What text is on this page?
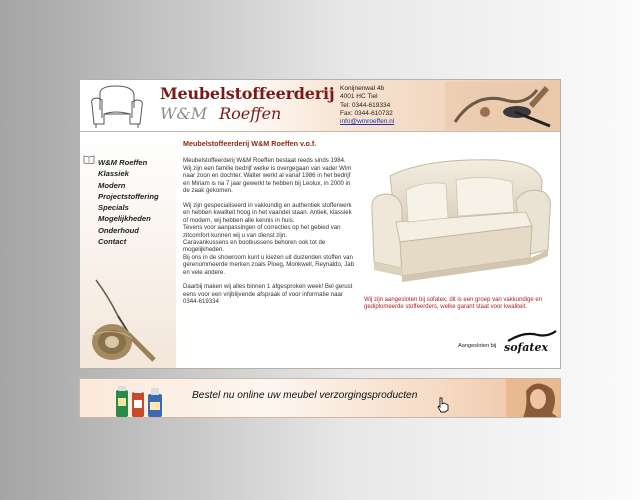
Meubelstoffeerderij
W&M Roeffen
Konijnenwal 4b
4001 HC Tiel
Tel: 0344-619334
Fax: 0344-610732
info@wmroeffen.nl
W&M Roeffen
Klassiek
Modern
Projectstoffering
Specials
Mogelijkheden
Onderhoud
Contact
Meubelstoffeerderij W&M Roeffen v.o.f.

Meubelstoffeerderij W&M Roeffen bestaat reeds sinds 1984. Wij zijn een familie bedrijf welke is overgegaan van vader Wim naar zoon en dochter. Walter werkt al vanaf 1986 in het bedrijf en Miriam is na 7 jaar gewerkt te hebben bij Leolux, in 2000 in de zaak gekomen.

Wij zijn gespecialiseerd in vakkundig en authentiek stofferwerk en hebben kwaliteit hoog in het vaandel staan. Antiek, klassiek of modern, wij hebben alle kennis in huis.

Tevens voor aanpassingen of correcties op het gebied van zitcomfort kunnen wij u van dienst zijn.

Caravankussens en bootkussens behoren ook tot de mogelijkheden.

Bij ons in de showroom kunt u kiezen uit duizenden stoffen van gerenommeerde merken zoals Ploeg, Monkwell, Reynaldo, Jab en vele andere.

Daarbij maken wij alles binnen 1 afgesproken week! Bel gerust eens voor een vrijblijvende afspraak of voor informatie naar 0344-619334	Wij zijn aangesloten bij sofatex, dit is een groep van vakkundige en gediplomeerde stoffeerders, welke garant staat voor kwaliteit.
Aangesloten bij sofatex
Bestel nu online uw meubel verzorgingsproducten
